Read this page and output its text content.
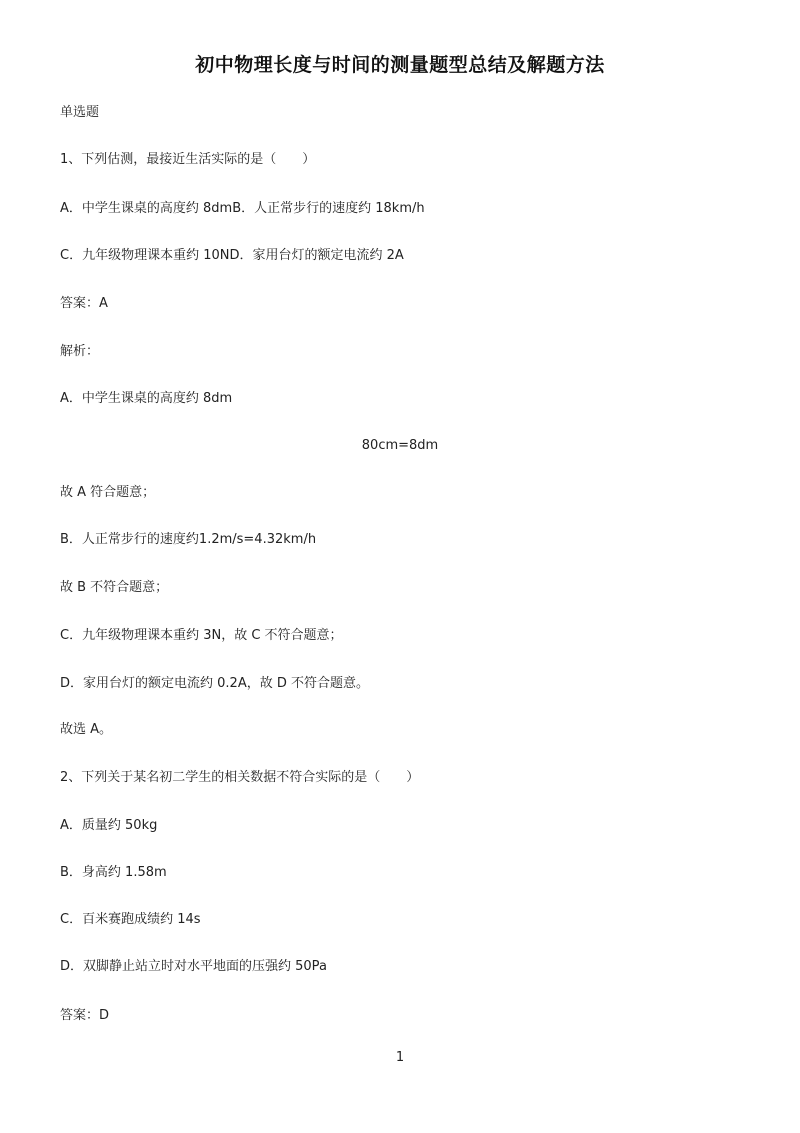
初中物理长度与时间的测量题型总结及解题方法
单选题
1、下列估测，最接近生活实际的是（　　）
A．中学生课桌的高度约 8dmB．人正常步行的速度约 18km/h
C．九年级物理课本重约 10ND．家用台灯的额定电流约 2A
答案：A
解析：
A．中学生课桌的高度约 8dm
80cm=8dm
故 A 符合题意；
B．人正常步行的速度约1.2m/s=4.32km/h
故 B 不符合题意；
C．九年级物理课本重约 3N，故 C 不符合题意；
D．家用台灯的额定电流约 0.2A，故 D 不符合题意。
故选 A。
2、下列关于某名初二学生的相关数据不符合实际的是（　　）
A．质量约 50kg
B．身高约 1.58m
C．百米赛跑成绩约 14s
D．双脚静止站立时对水平地面的压强约 50Pa
答案：D
1
